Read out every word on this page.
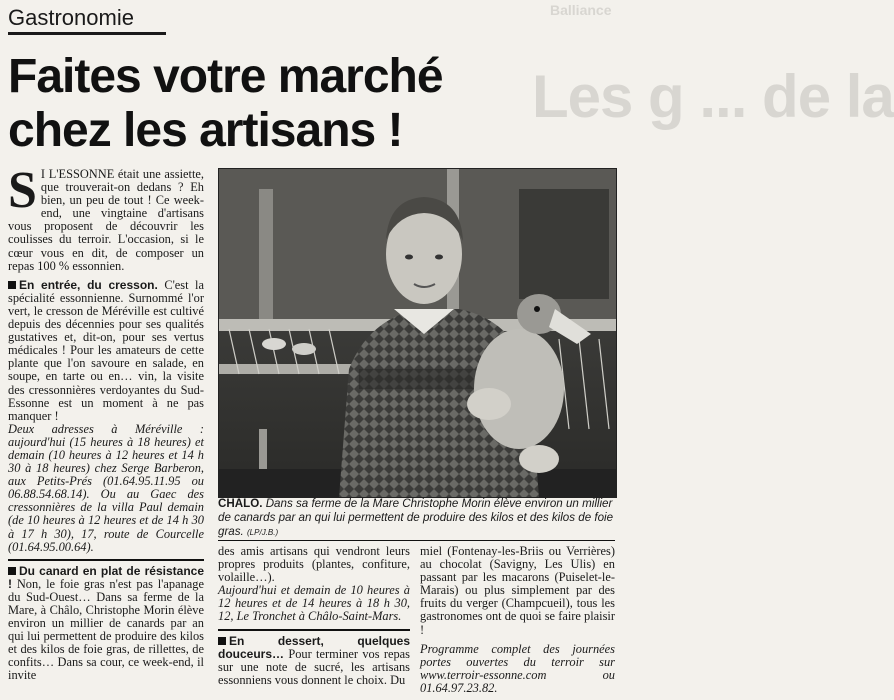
Gastronomie	Balliance
Les g ... de la
Faites votre marché
chez les artisans !

S I L'ESSONNE était une assiette, que trouverait-on dedans ? Eh bien, un peu de tout ! Ce week-end, une vingtaine d'artisans vous proposent de découvrir les coulisses du terroir. L'occasion, si le cœur vous en dit, de composer un repas 100 % essonnien.

En entrée, du cresson. C'est la spécialité essonnienne. Surnommé l'or vert, le cresson de Méréville est cultivé depuis des décennies pour ses qualités gustatives et, dit-on, pour ses vertus médicales ! Pour les amateurs de cette plante que l'on savoure en salade, en soupe, en tarte ou en… vin, la visite des cressonnières verdoyantes du Sud-Essonne est un moment à ne pas manquer !

Deux adresses à Méréville : aujourd'hui (15 heures à 18 heures) et demain (10 heures à 12 heures et 14 h 30 à 18 heures) chez Serge Barberon, aux Petits-Prés (01.64.95.11.95 ou 06.88.54.68.14). Ou au Gaec des cressonnières de la villa Paul demain (de 10 heures à 12 heures et de 14 h 30 à 17 h 30), 17, route de Courcelle (01.64.95.00.64).

Du canard en plat de résistance ! Non, le foie gras n'est pas l'apanage du Sud-Ouest… Dans sa ferme de la Mare, à Châlo, Christophe Morin élève environ un millier de canards par an qui lui permettent de produire des kilos et des kilos de foie gras, de rillettes, de confits… Dans sa cour, ce week-end, il invite

CHÂLO. Dans sa ferme de la Mare Christophe Morin élève environ un millier de canards par an qui lui permettent de produire des kilos et des kilos de foie gras. (LP/J.B.)

des amis artisans qui vendront leurs propres produits (plantes, confiture, volaille…).

Aujourd'hui et demain de 10 heures à 12 heures et de 14 heures à 18 h 30, 12, Le Tronchet à Châlo-Saint-Mars.

En dessert, quelques douceurs… Pour terminer vos repas sur une note de sucré, les artisans essonniens vous donnent le choix. Du

miel (Fontenay-les-Briis ou Verrières) au chocolat (Savigny, Les Ulis) en passant par les macarons (Puiselet-le-Marais) ou plus simplement par des fruits du verger (Champcueil), tous les gastronomes ont de quoi se faire plaisir !

Programme complet des journées portes ouvertes du terroir sur www.terroir-essonne.com ou 01.64.97.23.82.
